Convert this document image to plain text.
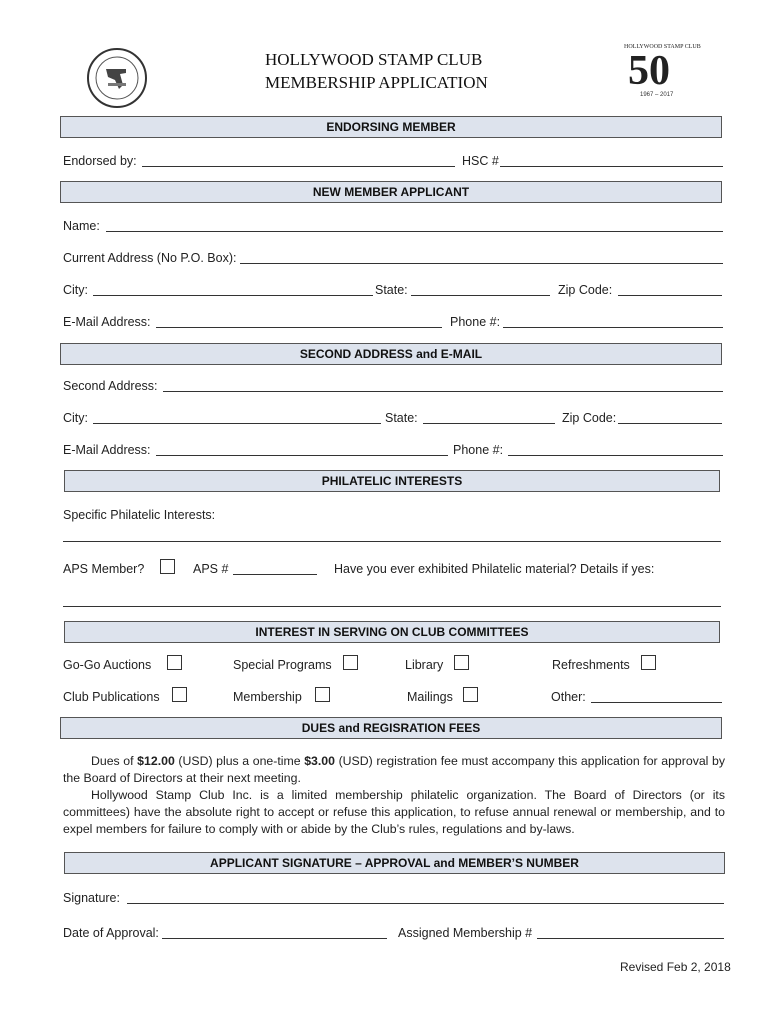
HOLLYWOOD STAMP CLUB
MEMBERSHIP APPLICATION
HOLLYWOOD STAMP CLUB
50
1967 – 2017
ENDORSING MEMBER
Endorsed by:	HSC #
NEW MEMBER APPLICANT
Name:
Current Address (No P.O. Box):
City:	State:	Zip Code:
E-Mail Address:	Phone #:
SECOND ADDRESS and E-MAIL
Second Address:
City:	State:	Zip Code:
E-Mail Address:	Phone #:
PHILATELIC INTERESTS
Specific Philatelic Interests:
APS Member?	APS #	Have you ever exhibited Philatelic material? Details if yes:
INTEREST IN SERVING ON CLUB COMMITTEES
Go-Go Auctions	Special Programs	Library	Refreshments
Club Publications	Membership	Mailings	Other:
DUES and REGISRATION FEES

Dues of $12.00 (USD) plus a one-time $3.00 (USD) registration fee must accompany this application for approval by the Board of Directors at their next meeting.

Hollywood Stamp Club Inc. is a limited membership philatelic organization. The Board of Directors (or its committees) have the absolute right to accept or refuse this application, to refuse annual renewal or membership, and to expel members for failure to comply with or abide by the Club’s rules, regulations and by-laws.

APPLICANT SIGNATURE – APPROVAL and MEMBER’S NUMBER
Signature:
Date of Approval:	Assigned Membership #
Revised Feb 2, 2018
